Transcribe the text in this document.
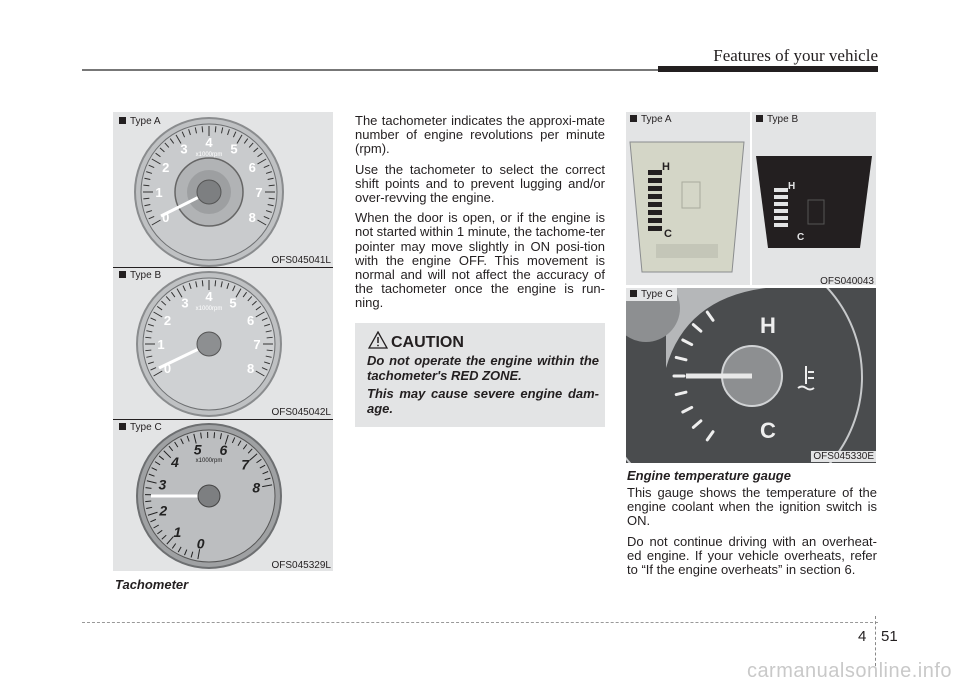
Features of your vehicle
0
1
2
3 4 5
6
7
8
x1000rpm
Type A
OFS045041L
0
1
2
3 4 5
6
7
8
x1000rpm
Type B
OFS045042L
0
1
2
3
4
5 6
7
8
x1000rpm
Type C
OFS045329L
Tachometer

The tachometer indicates the approxi-mate number of engine revolutions per minute (rpm).

Use the tachometer to select the correct shift points and to prevent lugging and/or over-revving the engine.

When the door is open, or if the engine is not started within 1 minute, the tachome-ter pointer may move slightly in ON posi-tion with the engine OFF. This movement is normal and will not affect the accuracy of the tachometer once the engine is run-ning.

CAUTION

Do not operate the engine within the tachometer's RED ZONE.

This may cause severe engine dam-age.

H
C
Type A
H
C
Type B
OFS040043
H
C
Type C
OFS045330E
Engine temperature gauge

This gauge shows the temperature of the engine coolant when the ignition switch is ON.

Do not continue driving with an overheat-ed engine. If your vehicle overheats, refer to “If the engine overheats” in section 6.

4 51
carmanualsonline.info
